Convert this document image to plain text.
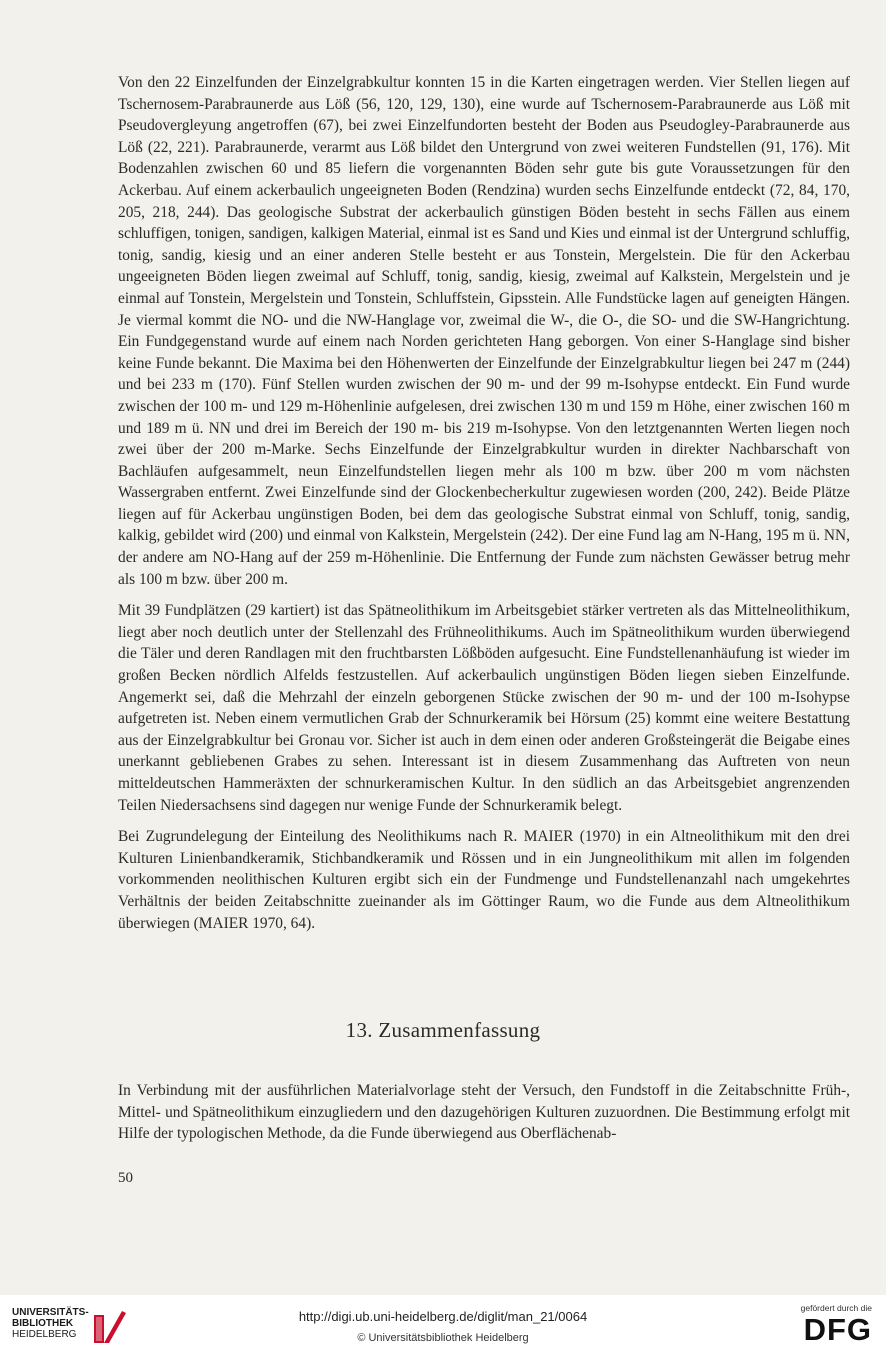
Von den 22 Einzelfunden der Einzelgrabkultur konnten 15 in die Karten eingetragen werden. Vier Stellen liegen auf Tschernosem-Parabraunerde aus Löß (56, 120, 129, 130), eine wurde auf Tschernosem-Parabraunerde aus Löß mit Pseudovergleyung angetroffen (67), bei zwei Einzelfundorten besteht der Boden aus Pseudogley-Parabraunerde aus Löß (22, 221). Parabraunerde, verarmt aus Löß bildet den Untergrund von zwei weiteren Fundstellen (91, 176). Mit Bodenzahlen zwischen 60 und 85 liefern die vorgenannten Böden sehr gute bis gute Voraussetzungen für den Ackerbau. Auf einem ackerbaulich ungeeigneten Boden (Rendzina) wurden sechs Einzelfunde entdeckt (72, 84, 170, 205, 218, 244). Das geologische Substrat der ackerbaulich günstigen Böden besteht in sechs Fällen aus einem schluffigen, tonigen, sandigen, kalkigen Material, einmal ist es Sand und Kies und einmal ist der Untergrund schluffig, tonig, sandig, kiesig und an einer anderen Stelle besteht er aus Tonstein, Mergelstein. Die für den Ackerbau ungeeigneten Böden liegen zweimal auf Schluff, tonig, sandig, kiesig, zweimal auf Kalkstein, Mergelstein und je einmal auf Tonstein, Mergelstein und Tonstein, Schluffstein, Gipsstein. Alle Fundstücke lagen auf geneigten Hängen. Je viermal kommt die NO- und die NW-Hanglage vor, zweimal die W-, die O-, die SO- und die SW-Hangrichtung. Ein Fundgegenstand wurde auf einem nach Norden gerichteten Hang geborgen. Von einer S-Hanglage sind bisher keine Funde bekannt. Die Maxima bei den Höhenwerten der Einzelfunde der Einzelgrabkultur liegen bei 247 m (244) und bei 233 m (170). Fünf Stellen wurden zwischen der 90 m- und der 99 m-Isohypse entdeckt. Ein Fund wurde zwischen der 100 m- und 129 m-Höhenlinie aufgelesen, drei zwischen 130 m und 159 m Höhe, einer zwischen 160 m und 189 m ü. NN und drei im Bereich der 190 m- bis 219 m-Isohypse. Von den letztgenannten Werten liegen noch zwei über der 200 m-Marke. Sechs Einzelfunde der Einzelgrabkultur wurden in direkter Nachbarschaft von Bachläufen aufgesammelt, neun Einzelfundstellen liegen mehr als 100 m bzw. über 200 m vom nächsten Wassergraben entfernt. Zwei Einzelfunde sind der Glockenbecherkultur zugewiesen worden (200, 242). Beide Plätze liegen auf für Ackerbau ungünstigen Boden, bei dem das geologische Substrat einmal von Schluff, tonig, sandig, kalkig, gebildet wird (200) und einmal von Kalkstein, Mergelstein (242). Der eine Fund lag am N-Hang, 195 m ü. NN, der andere am NO-Hang auf der 259 m-Höhenlinie. Die Entfernung der Funde zum nächsten Gewässer betrug mehr als 100 m bzw. über 200 m.

Mit 39 Fundplätzen (29 kartiert) ist das Spätneolithikum im Arbeitsgebiet stärker vertreten als das Mittelneolithikum, liegt aber noch deutlich unter der Stellenzahl des Frühneolithikums. Auch im Spätneolithikum wurden überwiegend die Täler und deren Randlagen mit den fruchtbarsten Lößböden aufgesucht. Eine Fundstellenanhäufung ist wieder im großen Becken nördlich Alfelds festzustellen. Auf ackerbaulich ungünstigen Böden liegen sieben Einzelfunde. Angemerkt sei, daß die Mehrzahl der einzeln geborgenen Stücke zwischen der 90 m- und der 100 m-Isohypse aufgetreten ist. Neben einem vermutlichen Grab der Schnurkeramik bei Hörsum (25) kommt eine weitere Bestattung aus der Einzelgrabkultur bei Gronau vor. Sicher ist auch in dem einen oder anderen Großsteingerät die Beigabe eines unerkannt gebliebenen Grabes zu sehen. Interessant ist in diesem Zusammenhang das Auftreten von neun mitteldeutschen Hammeräxten der schnurkeramischen Kultur. In den südlich an das Arbeitsgebiet angrenzenden Teilen Niedersachsens sind dagegen nur wenige Funde der Schnurkeramik belegt.

Bei Zugrundelegung der Einteilung des Neolithikums nach R. MAIER (1970) in ein Altneolithikum mit den drei Kulturen Linienbandkeramik, Stichbandkeramik und Rössen und in ein Jungneolithikum mit allen im folgenden vorkommenden neolithischen Kulturen ergibt sich ein der Fundmenge und Fundstellenanzahl nach umgekehrtes Verhältnis der beiden Zeitabschnitte zueinander als im Göttinger Raum, wo die Funde aus dem Altneolithikum überwiegen (MAIER 1970, 64).

13. Zusammenfassung

In Verbindung mit der ausführlichen Materialvorlage steht der Versuch, den Fundstoff in die Zeitabschnitte Früh-, Mittel- und Spätneolithikum einzugliedern und den dazugehörigen Kulturen zuzuordnen. Die Bestimmung erfolgt mit Hilfe der typologischen Methode, da die Funde überwiegend aus Oberflächenab-

50
UNIVERSITÄTS-
BIBLIOTHEK
HEIDELBERG
http://digi.ub.uni-heidelberg.de/diglit/man_21/0064
© Universitätsbibliothek Heidelberg
gefördert durch die
DFG
